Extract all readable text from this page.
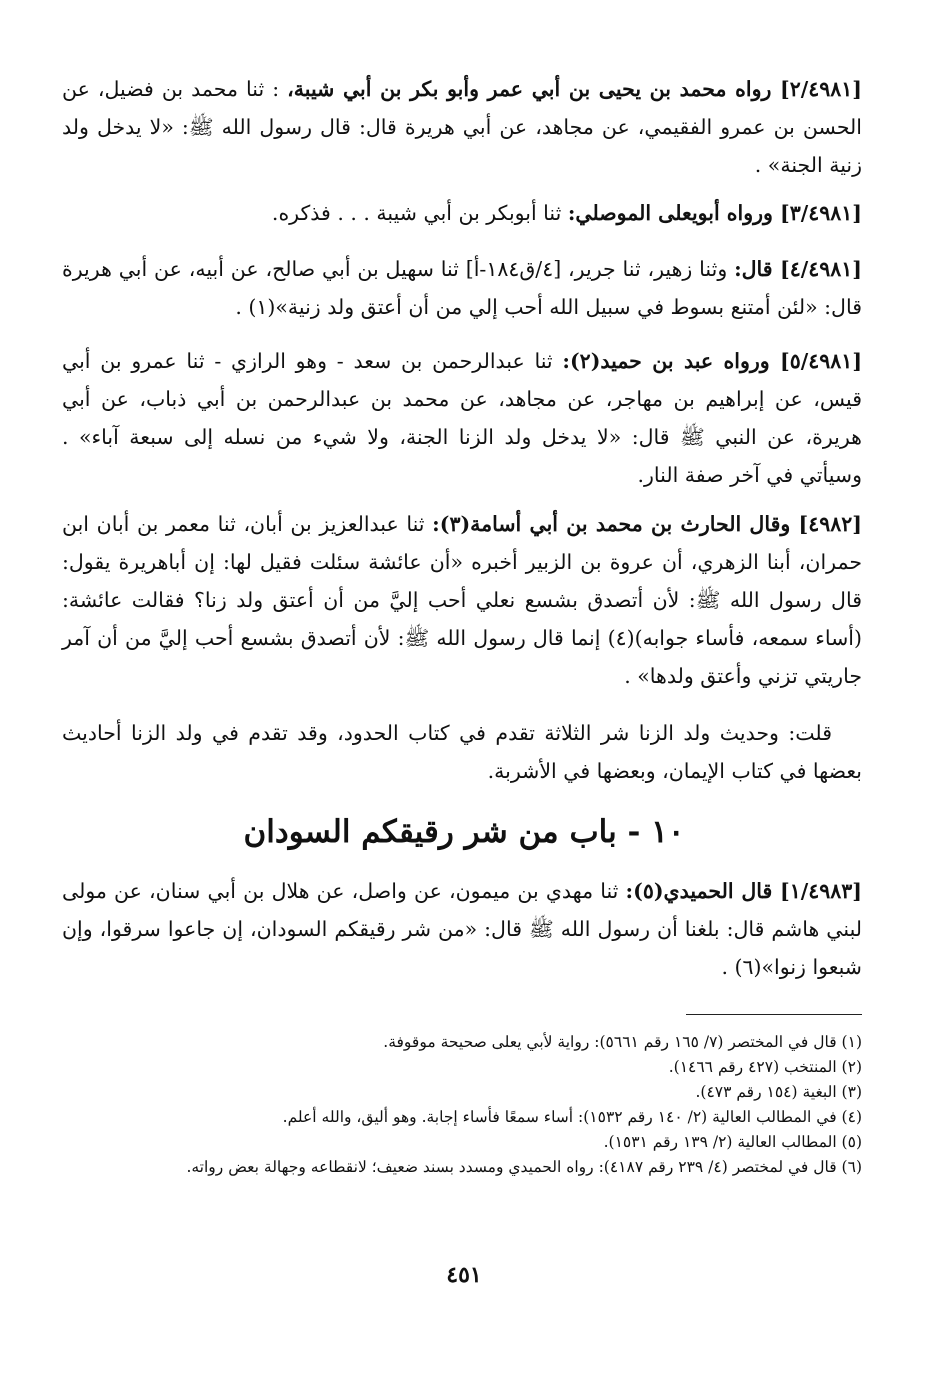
[٢/٤٩٨١] رواه محمد بن يحيى بن أبي عمر وأبو بكر بن أبي شيبة، : ثنا محمد بن فضيل، عن الحسن بن عمرو الفقيمي، عن مجاهد، عن أبي هريرة قال: قال رسول الله ﷺ: «لا يدخل ولد زنية الجنة» .

[٣/٤٩٨١] ورواه أبويعلى الموصلي: ثنا أبوبكر بن أبي شيبة . . . فذكره.

[٤/٤٩٨١] قال: وثنا زهير، ثنا جرير، [٤/ق١٨٤-أ] ثنا سهيل بن أبي صالح، عن أبيه، عن أبي هريرة قال: «لئن أمتنع بسوط في سبيل الله أحب إلي من أن أعتق ولد زنية»(١) .

[٥/٤٩٨١] ورواه عبد بن حميد(٢): ثنا عبدالرحمن بن سعد - وهو الرازي - ثنا عمرو بن أبي قيس، عن إبراهيم بن مهاجر، عن مجاهد، عن محمد بن عبدالرحمن بن أبي ذباب، عن أبي هريرة، عن النبي ﷺ قال: «لا يدخل ولد الزنا الجنة، ولا شيء من نسله إلى سبعة آباء» . وسيأتي في آخر صفة النار.

[٤٩٨٢] وقال الحارث بن محمد بن أبي أسامة(٣): ثنا عبدالعزيز بن أبان، ثنا معمر بن أبان ابن حمران، أبنا الزهري، أن عروة بن الزبير أخبره «أن عائشة سئلت فقيل لها: إن أباهريرة يقول: قال رسول الله ﷺ: لأن أتصدق بشسع نعلي أحب إليَّ من أن أعتق ولد زنا؟ فقالت عائشة: (أساء سمعه، فأساء جوابه)(٤) إنما قال رسول الله ﷺ: لأن أتصدق بشسع أحب إليَّ من أن آمر جاريتي تزني وأعتق ولدها» .

قلت: وحديث ولد الزنا شر الثلاثة تقدم في كتاب الحدود، وقد تقدم في ولد الزنا أحاديث بعضها في كتاب الإيمان، وبعضها في الأشربة.

١٠ - باب من شر رقيقكم السودان

[١/٤٩٨٣] قال الحميدي(٥): ثنا مهدي بن ميمون، عن واصل، عن هلال بن أبي سنان، عن مولى لبني هاشم قال: بلغنا أن رسول الله ﷺ قال: «من شر رقيقكم السودان، إن جاعوا سرقوا، وإن شبعوا زنوا»(٦) .

(١) قال في المختصر (٧/ ١٦٥ رقم ٥٦٦١): رواية لأبي يعلى صحيحة موقوفة.

(٢) المنتخب (٤٢٧ رقم ١٤٦٦).

(٣) البغية (١٥٤ رقم ٤٧٣).

(٤) في المطالب العالية (٢/ ١٤٠ رقم ١٥٣٢): أساء سمعًا فأساء إجابة. وهو أليق، والله أعلم.

(٥) المطالب العالية (٢/ ١٣٩ رقم ١٥٣١).

(٦) قال في لمختصر (٤/ ٢٣٩ رقم ٤١٨٧): رواه الحميدي ومسدد بسند ضعيف؛ لانقطاعه وجهالة بعض رواته.

٤٥١
